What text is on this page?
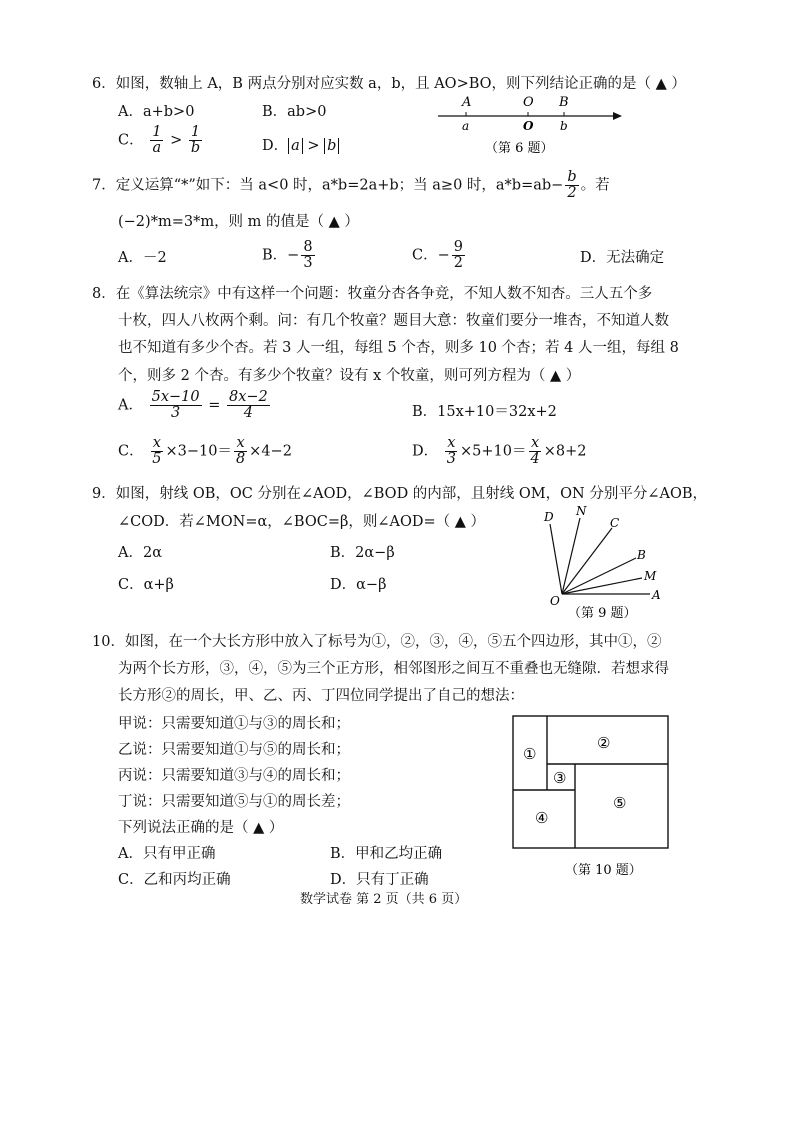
6．如图，数轴上 A，B 两点分别对应实数 a，b，且 AO>BO，则下列结论正确的是（ ▲ ）
A．a+b>0	B．ab>0
C． $\frac{1}{a} > \frac{1}{b}$	D． a > b
A	O B
a	O b
（第 6 题）
7．定义运算“*”如下：当 a<0 时，a*b=2a+b；当 a≥0 时，$a*b=ab- \frac{b}{2}$ 。若
(−2)*m=3*m，则 m 的值是（ ▲ ）
A．－2	B．− $\frac{8}{3}$	C．− $\frac{9}{2}$	D．无法确定
8．在《算法统宗》中有这样一个问题：牧童分杏各争竞，不知人数不知杏。三人五个多
十枚，四人八枚两个剩。问：有几个牧童？题目大意：牧童们要分一堆杏，不知道人数
也不知道有多少个杏。若 3 人一组，每组 5 个杏，则多 10 个杏；若 4 人一组，每组 8
个，则多 2 个杏。有多少个牧童？设有 x 个牧童，则可列方程为（ ▲ ）
A． $\frac{5x-10}{3} = \frac{8x-2}{4}$	B．15x+10＝32x+2
C． $\frac{x}{5} \times 3-10= \frac{x}{8} \times 4-2$	D． $\frac{x}{3} \times 5+10= \frac{x}{4} \times 8+2$
9．如图，射线 OB，OC 分别在∠AOD，∠BOD 的内部，且射线 OM，ON 分别平分∠AOB，
∠COD．若∠MON=α，∠BOC=β，则∠AOD=（ ▲ ）
A．2α	B．2α−β
C．α+β	D．α−β
D N
C
B
M
A
O
（第 9 题）
10．如图，在一个大长方形中放入了标号为①，②，③，④，⑤五个四边形，其中①，②
为两个长方形，③，④，⑤为三个正方形，相邻图形之间互不重叠也无缝隙．若想求得
长方形②的周长，甲、乙、丙、丁四位同学提出了自己的想法：
甲说：只需要知道①与③的周长和；
乙说：只需要知道①与⑤的周长和；
丙说：只需要知道③与④的周长和；
丁说：只需要知道⑤与①的周长差；
下列说法正确的是（ ▲ ）
A．只有甲正确	B．甲和乙均正确
C．乙和丙均正确	D．只有丁正确
①
②
③
④
⑤
（第 10 题）
数学试卷 第 2 页（共 6 页）
